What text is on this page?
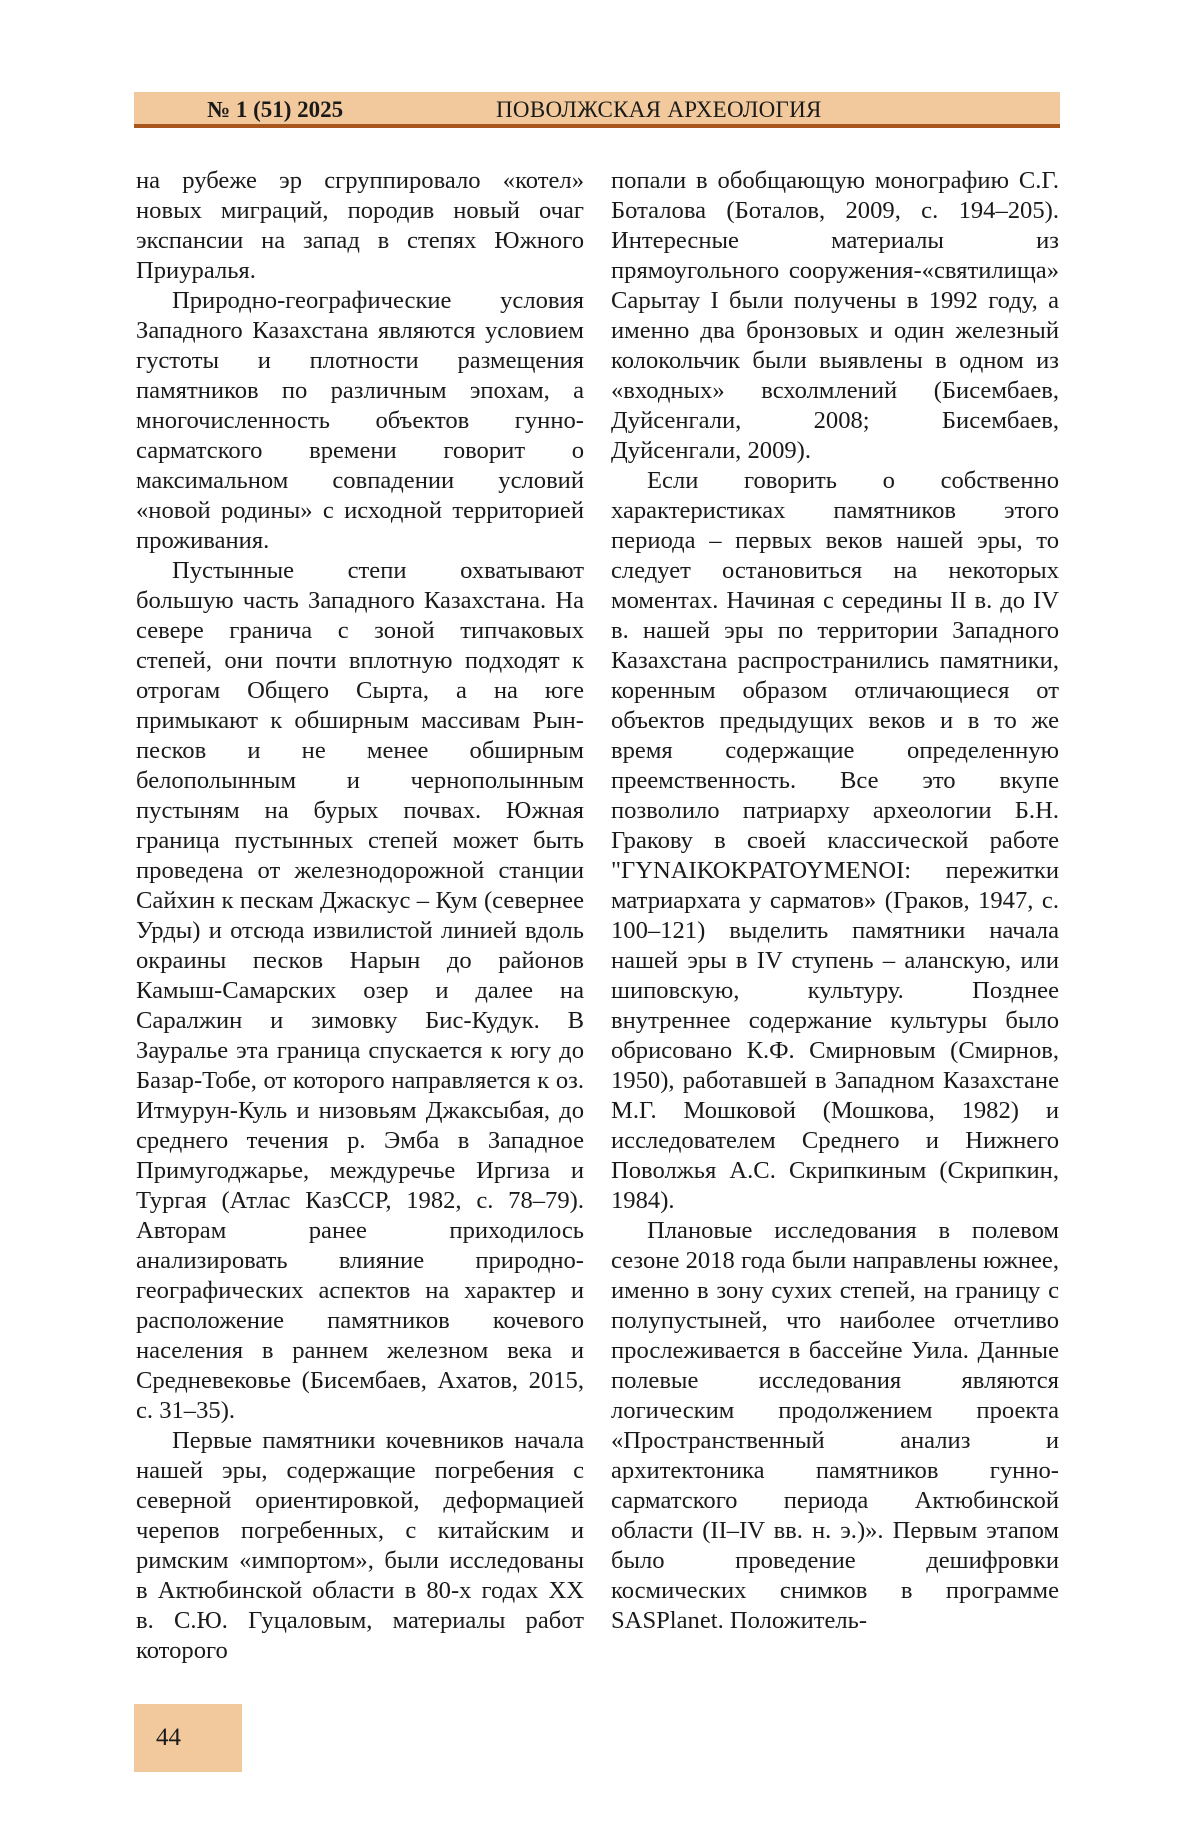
№ 1 (51) 2025	ПОВОЛЖСКАЯ АРХЕОЛОГИЯ

на рубеже эр сгруппировало «котел» новых миграций, породив новый очаг экспансии на запад в степях Южного Приуралья.

Природно-географические условия Западного Казахстана являются условием густоты и плотности размещения памятников по различным эпохам, а многочисленность объектов гунно-сарматского времени говорит о максимальном совпадении условий «новой родины» с исходной территорией проживания.

Пустынные степи охватывают большую часть Западного Казахстана. На севере гранича с зоной типчаковых степей, они почти вплотную подходят к отрогам Общего Сырта, а на юге примыкают к обширным массивам Рын-песков и не менее обширным белополынным и чернополынным пустыням на бурых почвах. Южная граница пустынных степей может быть проведена от железнодорожной станции Сайхин к пескам Джаскус – Кум (севернее Урды) и отсюда извилистой линией вдоль окраины песков Нарын до районов Камыш-Самарских озер и далее на Саралжин и зимовку Бис-Кудук. В Зауралье эта граница спускается к югу до Базар-Тобе, от которого направляется к оз. Итмурун-Куль и низовьям Джаксыбая, до среднего течения р. Эмба в Западное Примугоджарье, междуречье Иргиза и Тургая (Атлас КазССР, 1982, с. 78–79). Авторам ранее приходилось анализировать влияние природно-географических аспектов на характер и расположение памятников кочевого населения в раннем железном века и Средневековье (Бисембаев, Ахатов, 2015, с. 31–35).

Первые памятники кочевников начала нашей эры, содержащие погребения с северной ориентировкой, деформацией черепов погребенных, с китайским и римским «импортом», были исследованы в Актюбинской области в 80-х годах XX в. С.Ю. Гуцаловым, материалы работ которого

попали в обобщающую монографию С.Г. Боталова (Боталов, 2009, с. 194–205). Интересные материалы из прямоугольного сооружения-«святилища» Сарытау I были получены в 1992 году, а именно два бронзовых и один железный колокольчик были выявлены в одном из «входных» всхолмлений (Бисембаев, Дуйсенгали, 2008; Бисембаев, Дуйсенгали, 2009).

Если говорить о собственно характеристиках памятников этого периода – первых веков нашей эры, то следует остановиться на некоторых моментах. Начиная с середины II в. до IV в. нашей эры по территории Западного Казахстана распространились памятники, коренным образом отличающиеся от объектов предыдущих веков и в то же время содержащие определенную преемственность. Все это вкупе позволило патриарху археологии Б.Н. Гракову в своей классической работе "ΓΥΝΑΙΚΟΚΡΑΤΟΥΜΕΝΟΙ: пережитки матриархата у сарматов» (Граков, 1947, с. 100–121) выделить памятники начала нашей эры в IV ступень – аланскую, или шиповскую, культуру. Позднее внутреннее содержание культуры было обрисовано К.Ф. Смирновым (Смирнов, 1950), работавшей в Западном Казахстане М.Г. Мошковой (Мошкова, 1982) и исследователем Среднего и Нижнего Поволжья А.С. Скрипкиным (Скрипкин, 1984).

Плановые исследования в полевом сезоне 2018 года были направлены южнее, именно в зону сухих степей, на границу с полупустыней, что наиболее отчетливо прослеживается в бассейне Уила. Данные полевые исследования являются логическим продолжением проекта «Пространственный анализ и архитектоника памятников гунно-сарматского периода Актюбинской области (II–IV вв. н. э.)». Первым этапом было проведение дешифровки космических снимков в программе SASPlanet. Положитель-

44
